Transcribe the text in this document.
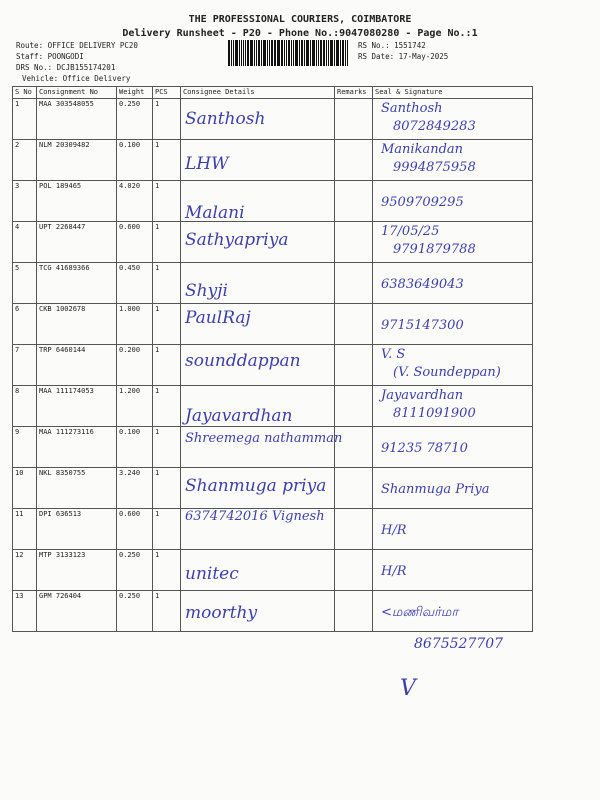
THE PROFESSIONAL COURIERS, COIMBATORE
Delivery Runsheet - P20 - Phone No.:9047080280 - Page No.:1
Route: OFFICE DELIVERY PC20
Staff: POONGODI
DRS No.: DCJB155174201
Vehicle: Office Delivery
RS No.: 1551742
RS Date: 17-May-2025
S No	Consignment No	Weight	PCS	Consignee Details	Remarks	Seal & Signature
1	MAA 303548055	0.250	1	Santhosh		Santhosh
8072849283

2	NLM 20309482	0.100	1	LHW		Manikandan
9994875958

3	POL 189465	4.020	1	Malani		9509709295

4	UPT 2268447	0.600	1	Sathyapriya		17/05/25
9791879788

5	TCG 41689366	0.450	1	Shyji		6383649043

6	CKB 1002678	1.000	1	PaulRaj		9715147300

7	TRP 6460144	0.200	1	sounddappan		V. S
(V. Soundeppan)

8	MAA 111174053	1.200	1	Jayavardhan		Jayavardhan
8111091900

9	MAA 111273116	0.100	1	Shreemega nathamman		91235 78710

10	NKL 8350755	3.240	1	Shanmuga priya		Shanmuga Priya

11	DPI 636513	0.600	1	6374742016 Vignesh		H/R

12	MTP 3133123	0.250	1	unitec		H/R

13	GPM 726404	0.250	1	moorthy		<மணிவர்மா
8675527707
V
